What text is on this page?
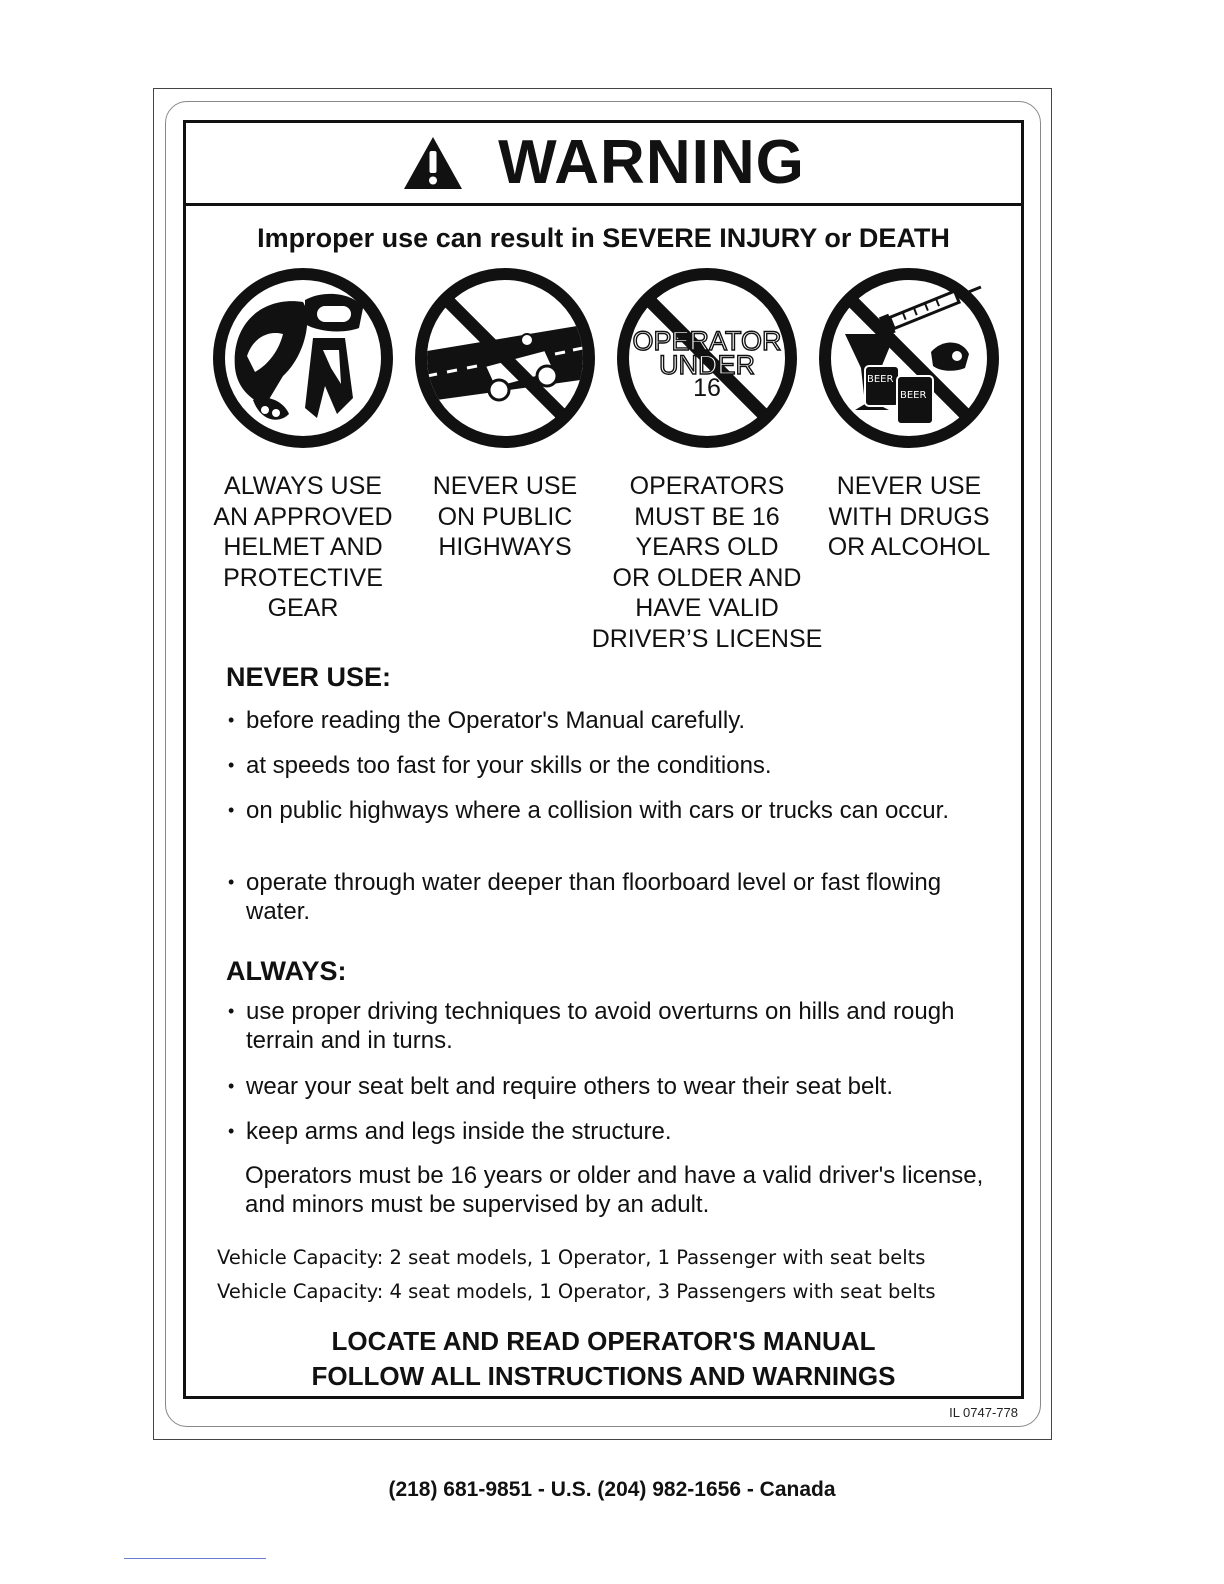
WARNING
Improper use can result in SEVERE INJURY or DEATH
OPERATOR
UNDER
16	BEER
BEER
ALWAYS USE
AN APPROVED
HELMET AND
PROTECTIVE
GEAR
NEVER USE
ON PUBLIC
HIGHWAYS
OPERATORS
MUST BE 16
YEARS OLD
OR OLDER AND
HAVE VALID
DRIVER’S LICENSE
NEVER USE
WITH DRUGS
OR ALCOHOL
NEVER USE:
• before reading the Operator's Manual carefully.
• at speeds too fast for your skills or the conditions.
• on public highways where a collision with cars or trucks can occur.
• operate through water deeper than floorboard level or fast flowing water.
ALWAYS:
• use proper driving techniques to avoid overturns on hills and rough terrain and in turns.
• wear your seat belt and require others to wear their seat belt.
• keep arms and legs inside the structure.
Operators must be 16 years or older and have a valid driver's license, and minors must be supervised by an adult.
Vehicle Capacity: 2 seat models, 1 Operator, 1 Passenger with seat belts
Vehicle Capacity: 4 seat models, 1 Operator, 3 Passengers with seat belts
LOCATE AND READ OPERATOR'S MANUAL
FOLLOW ALL INSTRUCTIONS AND WARNINGS
IL 0747-778
(218) 681-9851 - U.S. (204) 982-1656 - Canada
